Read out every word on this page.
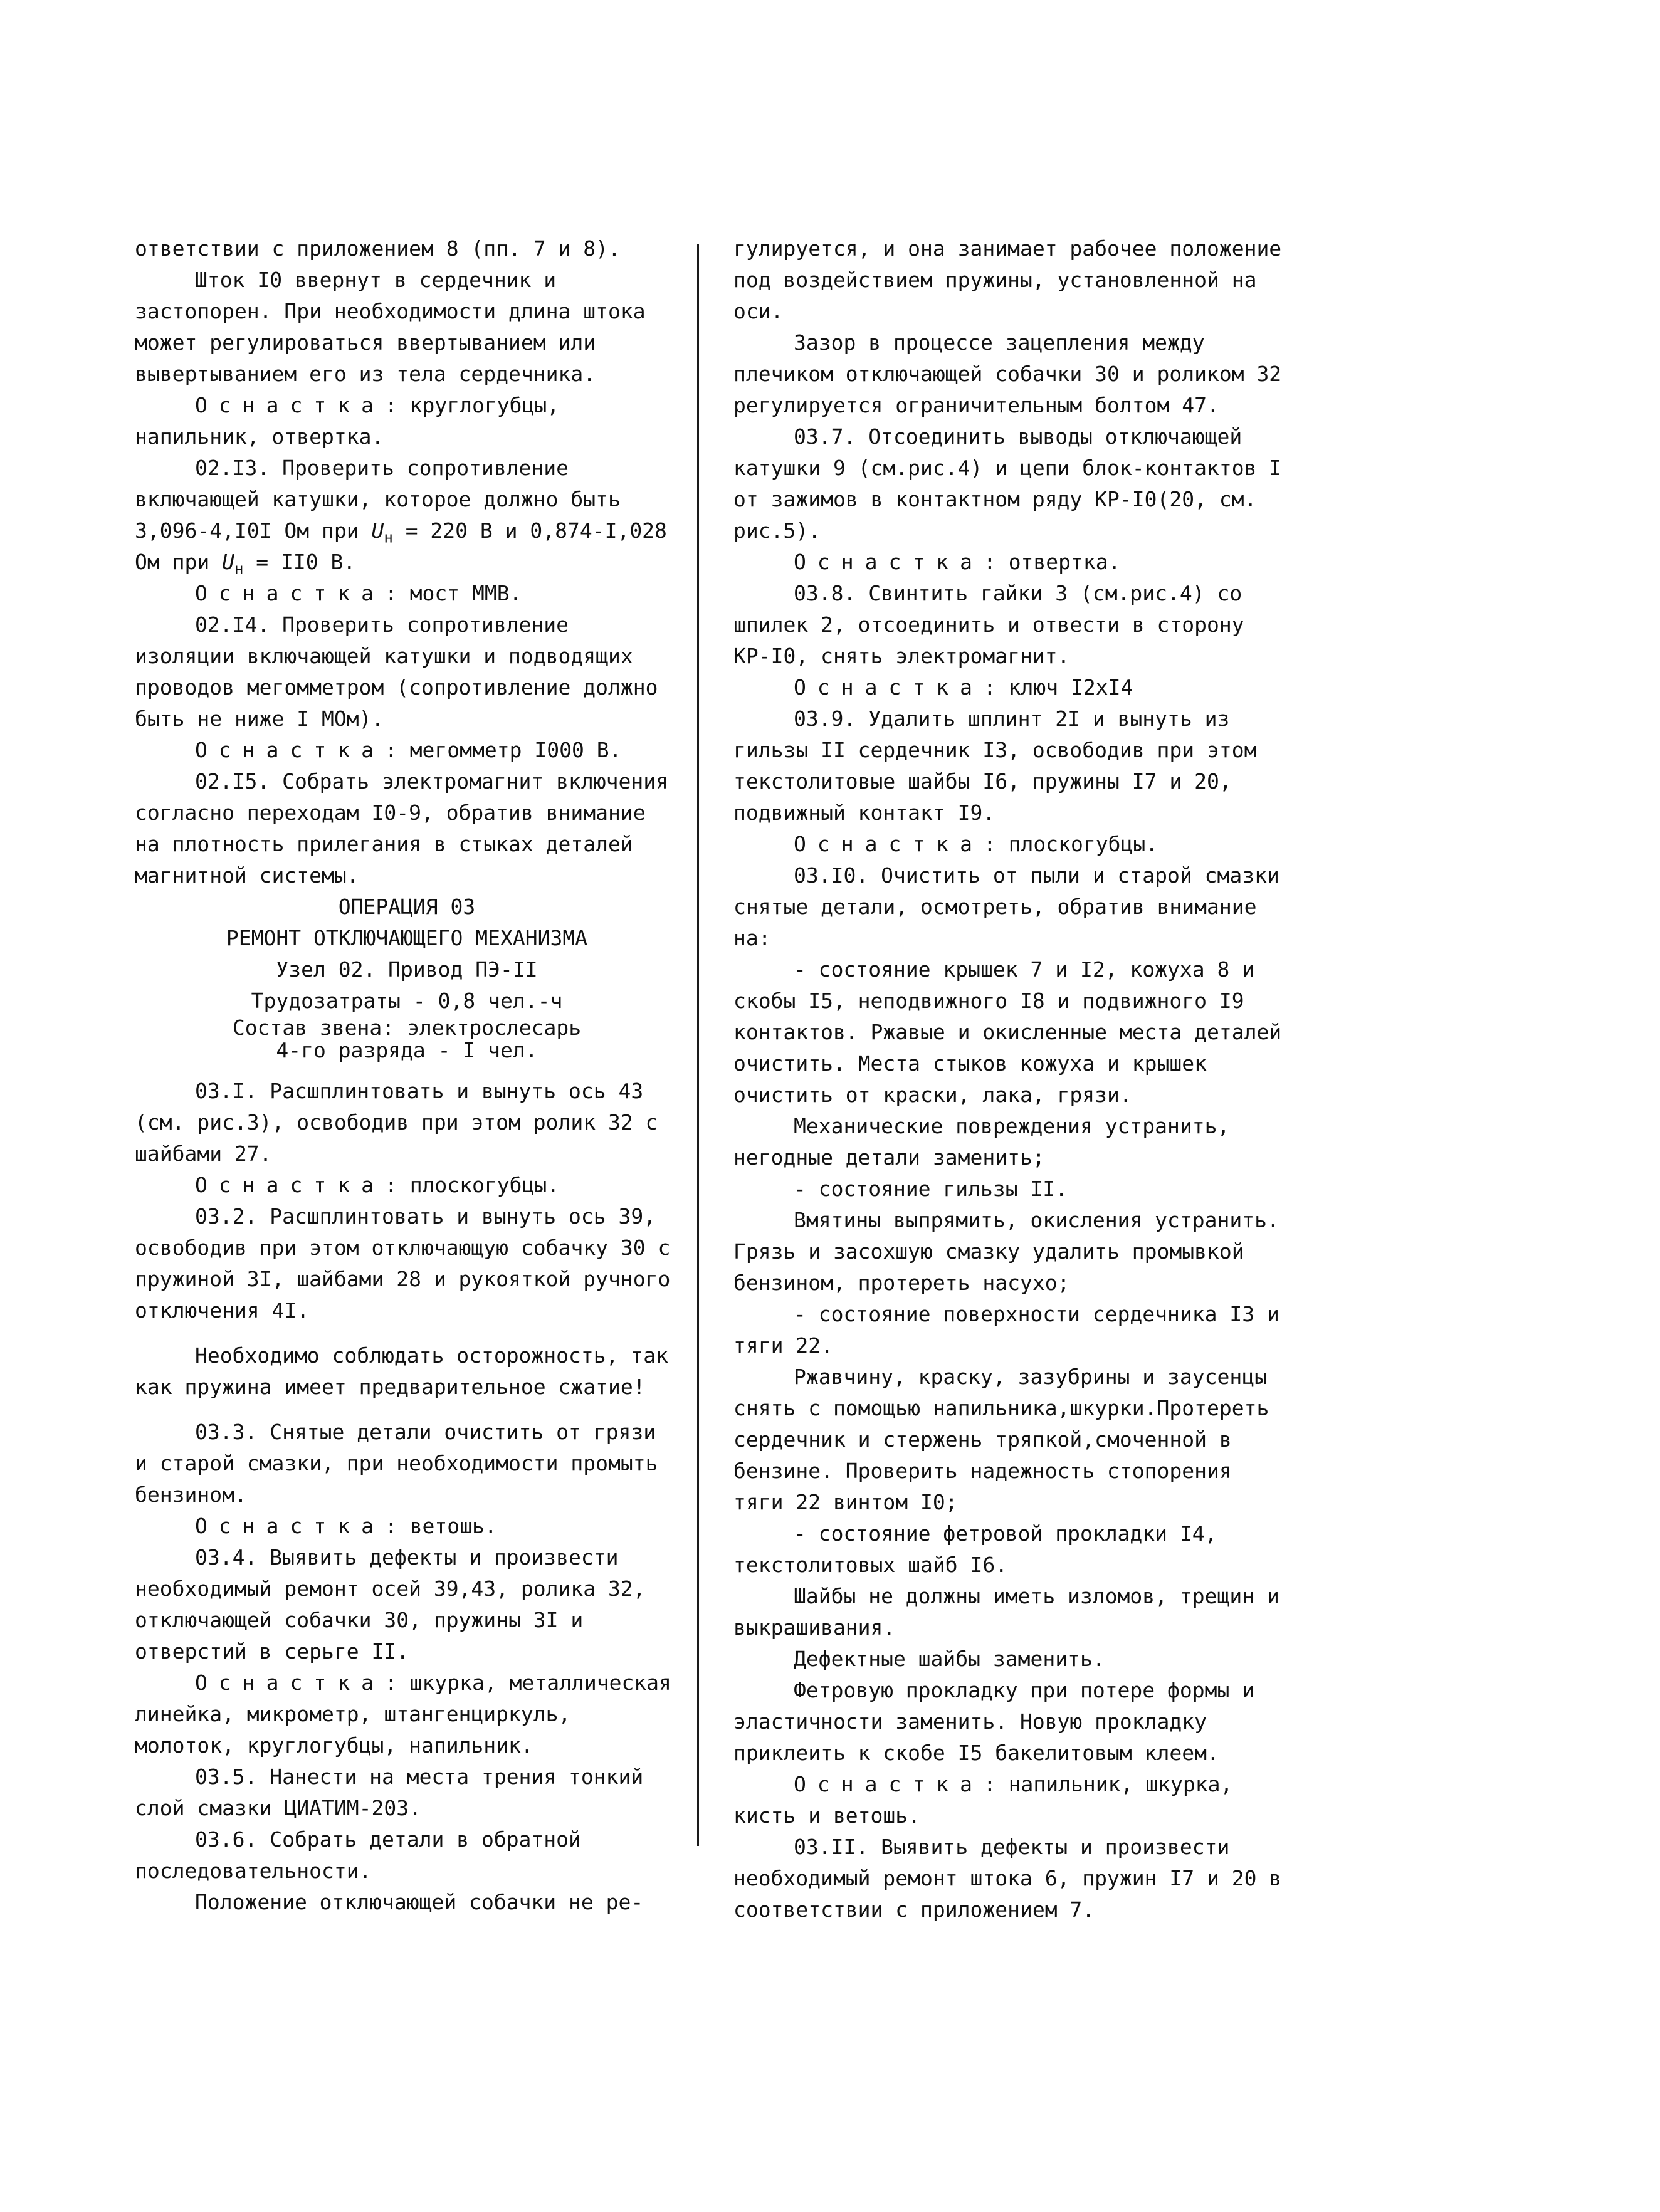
ответствии с приложением 8 (пп. 7 и 8).

Шток I0 ввернут в сердечник и застопорен. При необходимости длина штока может регулироваться ввертыванием или вывертыванием его из тела сердечника.

Оснастка: круглогубцы, напильник, отвертка.

02.I3. Проверить сопротивление включающей катушки, которое должно быть 3,096-4,I0I Ом при $U_н = 220$ В и 0,874-I,028 Ом при $U_н = II0$ В.

Оснастка: мост ММВ.

02.I4. Проверить сопротивление изоляции включающей катушки и подводящих проводов мегомметром (сопротивление должно быть не ниже I МОм).

Оснастка: мегомметр I000 В.

02.I5. Собрать электромагнит включения согласно переходам I0-9, обратив внимание на плотность прилегания в стыках деталей магнитной системы.

ОПЕРАЦИЯ 03

РЕМОНТ ОТКЛЮЧАЮЩЕГО МЕХАНИЗМА

Узел 02. Привод ПЭ-II

Трудозатраты - 0,8 чел.-ч

Состав звена: электрослесарь

4-го разряда - I чел.

03.I. Расшплинтовать и вынуть ось 43 (см. рис.3), освободив при этом ролик 32 с шайбами 27.

Оснастка: плоскогубцы.

03.2. Расшплинтовать и вынуть ось 39, освободив при этом отключающую собачку 30 с пружиной 3I, шайбами 28 и рукояткой ручного отключения 4I.

Необходимо соблюдать осторожность, так как пружина имеет предварительное сжатие!

03.3. Снятые детали очистить от грязи и старой смазки, при необходимости промыть бензином.

Оснастка: ветошь.

03.4. Выявить дефекты и произвести необходимый ремонт осей 39,43, ролика 32, отключающей собачки 30, пружины 3I и отверстий в серьге II.

Оснастка: шкурка, металлическая линейка, микрометр, штангенциркуль, молоток, круглогубцы, напильник.

03.5. Нанести на места трения тонкий слой смазки ЦИАТИМ-203.

03.6. Собрать детали в обратной последовательности.

Положение отключающей собачки не ре-

гулируется, и она занимает рабочее положение под воздействием пружины, установленной на оси.

Зазор в процессе зацепления между плечиком отключающей собачки 30 и роликом 32 регулируется ограничительным болтом 47.

03.7. Отсоединить выводы отключающей катушки 9 (см.рис.4) и цепи блок-контактов I от зажимов в контактном ряду КР-I0(20, см. рис.5).

Оснастка: отвертка.

03.8. Свинтить гайки 3 (см.рис.4) со шпилек 2, отсоединить и отвести в сторону КР-I0, снять электромагнит.

Оснастка: ключ I2хI4

03.9. Удалить шплинт 2I и вынуть из гильзы II сердечник I3, освободив при этом текстолитовые шайбы I6, пружины I7 и 20, подвижный контакт I9.

Оснастка: плоскогубцы.

03.I0. Очистить от пыли и старой смазки снятые детали, осмотреть, обратив внимание на:

- состояние крышек 7 и I2, кожуха 8 и скобы I5, неподвижного I8 и подвижного I9 контактов. Ржавые и окисленные места деталей очистить. Места стыков кожуха и крышек очистить от краски, лака, грязи.

Механические повреждения устранить, негодные детали заменить;

- состояние гильзы II.

Вмятины выпрямить, окисления устранить. Грязь и засохшую смазку удалить промывкой бензином, протереть насухо;

- состояние поверхности сердечника I3 и тяги 22.

Ржавчину, краску, зазубрины и заусенцы снять с помощью напильника,шкурки.Протереть сердечник и стержень тряпкой,смоченной в бензине. Проверить надежность стопорения тяги 22 винтом I0;

- состояние фетровой прокладки I4, текстолитовых шайб I6.

Шайбы не должны иметь изломов, трещин и выкрашивания.

Дефектные шайбы заменить.

Фетровую прокладку при потере формы и эластичности заменить. Новую прокладку приклеить к скобе I5 бакелитовым клеем.

Оснастка: напильник, шкурка, кисть и ветошь.

03.II. Выявить дефекты и произвести необходимый ремонт штока 6, пружин I7 и 20 в соответствии с приложением 7.
